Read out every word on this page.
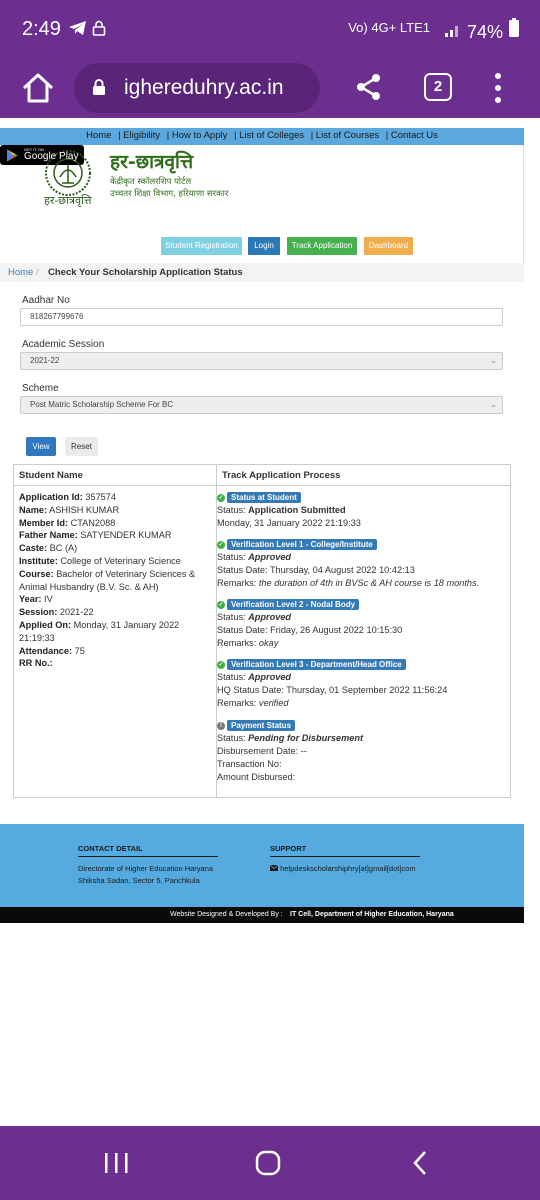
2:49
	Vo) 4G+ LTE1	74%
ighereduhry.ac.in	2
Home | Eligibility | How to Apply | List of Colleges | List of Courses | Contact Us
हर-छात्रवृत्ति
हर-छात्रवृत्ति
केंद्रीकृत स्कॉलरशिप पोर्टल
उच्चतर शिक्षा विभाग, हरियाणा सरकार
Student Registration	Login	Track Application	Dashboard
GET IT ON
Google Play
Home / Check Your Scholarship Application Status
Aadhar No
818267799676
Academic Session
2021-22	⌄
Scheme
Post Matric Scholarship Scheme For BC	⌄
View	Reset
Student Name	Track Application Process
Application Id: 357574
Name: ASHISH KUMAR
Member Id: CTAN2088
Father Name: SATYENDER KUMAR
Caste: BC (A)
Institute: College of Veterinary Science
Course: Bachelor of Veterinary Sciences &
Animal Husbandry (B.V. Sc. & AH)
Year: IV
Session: 2021-22
Applied On: Monday, 31 January 2022 21:19:33
Attendance: 75
RR No.:
✓ Status at Student
Status: Application Submitted
Monday, 31 January 2022 21:19:33
✓ Verification Level 1 - College/Institute
Status: Approved
Status Date: Thursday, 04 August 2022 10:42:13
Remarks: the duration of 4th in BVSc & AH course is 18 months.
✓ Verification Level 2 - Nodal Body
Status: Approved
Status Date: Friday, 26 August 2022 10:15:30
Remarks: okay
✓ Verification Level 3 - Department/Head Office
Status: Approved
HQ Status Date: Thursday, 01 September 2022 11:56:24
Remarks: verified
!	Payment Status
Status: Pending for Disbursement
Disbursement Date: --
Transaction No:
Amount Disbursed:
CONTACT DETAIL
Directorate of Higher Education Haryana
Shiksha Sadan, Sector 5, Panchkula
SUPPORT
helpdeskscholarshiphry[at]gmail[dot]com
Website Designed & Developed By : IT Cell, Department of Higher Education, Haryana
